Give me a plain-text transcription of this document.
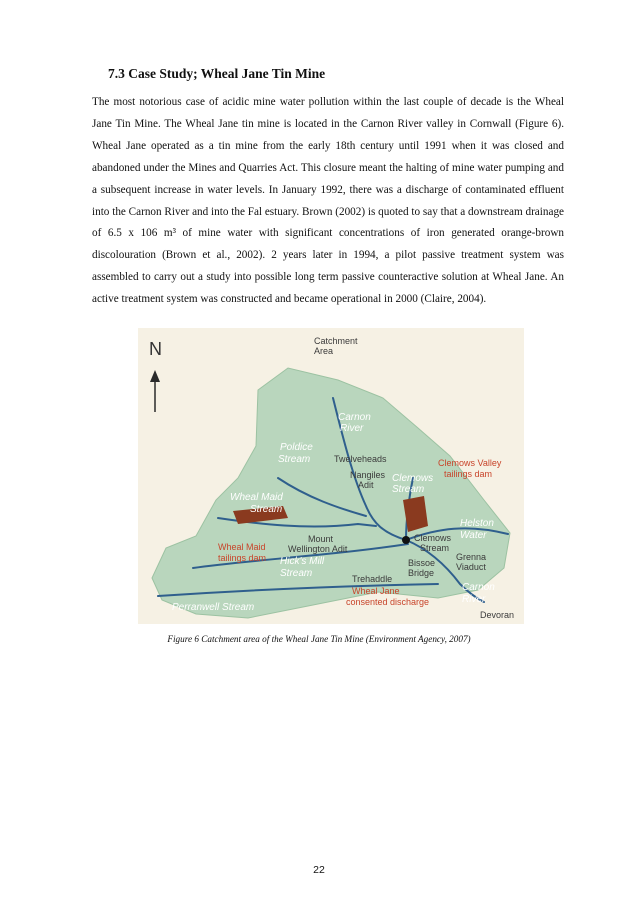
7.3 Case Study; Wheal Jane Tin Mine

The most notorious case of acidic mine water pollution within the last couple of decade is the Wheal Jane Tin Mine. The Wheal Jane tin mine is located in the Carnon River valley in Cornwall (Figure 6). Wheal Jane operated as a tin mine from the early 18th century until 1991 when it was closed and abandoned under the Mines and Quarries Act. This closure meant the halting of mine water pumping and a subsequent increase in water levels. In January 1992, there was a discharge of contaminated effluent into the Carnon River and into the Fal estuary. Brown (2002) is quoted to say that a downstream drainage of 6.5 x 106 m³ of mine water with significant concentrations of iron generated orange-brown discolouration (Brown et al., 2002). 2 years later in 1994, a pilot passive treatment system was assembled to carry out a study into possible long term passive counteractive solution at Wheal Jane. An active treatment system was constructed and became operational in 2000 (Claire, 2004).

N	Catchment
Area
Carnon
River
Poldice
Stream	Twelveheads
Nangiles
Adit
Clemows Valley
tailings dam
Clemows
Stream
Wheal Maid
Stream
Mount
Wellington Adit
Wheal Maid
tailings dam
Clemows
Stream
Helston
Water
Hick's Mill
Stream	Trehaddle
Bissoe
Bridge
Grenna
Viaduct
Wheal Jane
consented discharge
Carnon
River
Perranwell Stream
Devoran
Figure 6 Catchment area of the Wheal Jane Tin Mine (Environment Agency, 2007)
22
